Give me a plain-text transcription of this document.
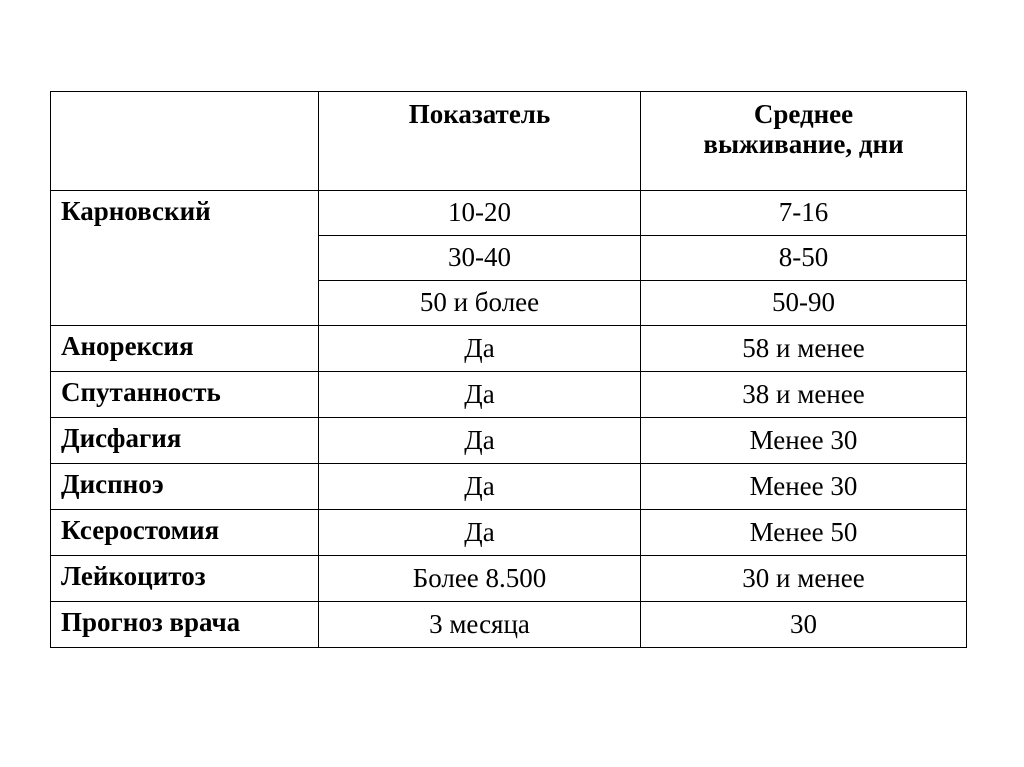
	Показатель	Среднее
выживание, дни

Карновский	10-20	7-16
	30-40	8-50
	50 и более	50-90
Анорексия	Да	58 и менее
Спутанность	Да	38 и менее
Дисфагия	Да	Менее 30
Диспноэ	Да	Менее 30
Ксеростомия	Да	Менее 50
Лейкоцитоз	Более 8.500	30 и менее
Прогноз врача	3 месяца	30
